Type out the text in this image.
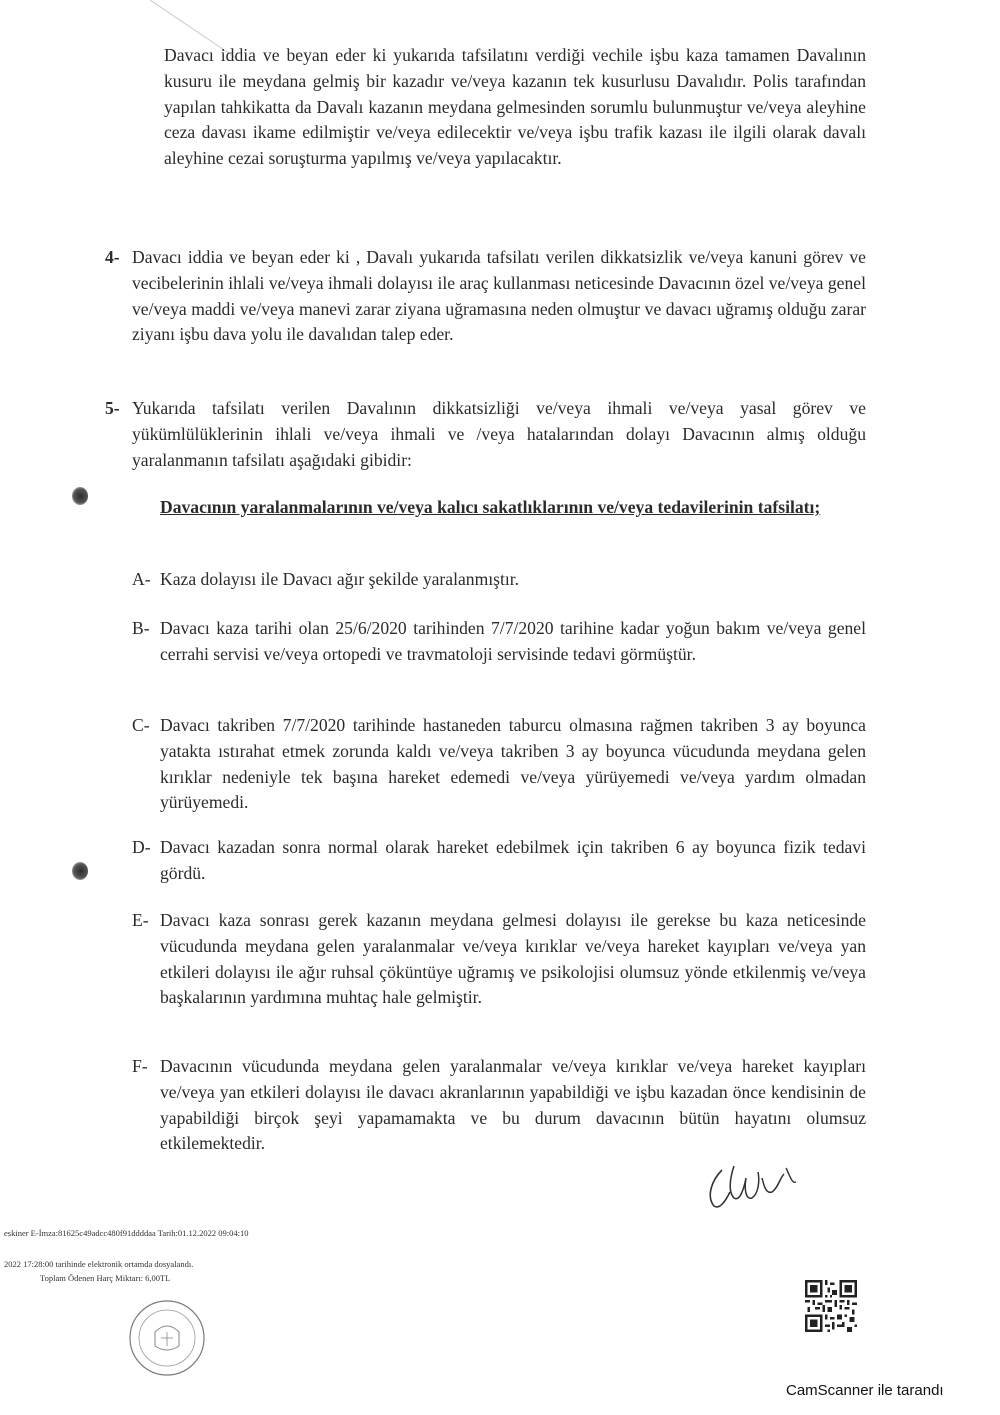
Davacı iddia ve beyan eder ki yukarıda tafsilatını verdiği vechile işbu kaza tamamen Davalının kusuru ile meydana gelmiş bir kazadır ve/veya kazanın tek kusurlusu Davalıdır. Polis tarafından yapılan tahkikatta da Davalı kazanın meydana gelmesinden sorumlu bulunmuştur ve/veya aleyhine ceza davası ikame edilmiştir ve/veya edilecektir ve/veya işbu trafik kazası ile ilgili olarak davalı aleyhine cezai soruşturma yapılmış ve/veya yapılacaktır.
4- Davacı iddia ve beyan eder ki , Davalı yukarıda tafsilatı verilen dikkatsizlik ve/veya kanuni görev ve vecibelerinin ihlali ve/veya ihmali dolayısı ile araç kullanması neticesinde Davacının özel ve/veya genel ve/veya maddi ve/veya manevi zarar ziyana uğramasına neden olmuştur ve davacı uğramış olduğu zarar ziyanı işbu dava yolu ile davalıdan talep eder.
5- Yukarıda tafsilatı verilen Davalının dikkatsizliği ve/veya ihmali ve/veya yasal görev ve yükümlülüklerinin ihlali ve/veya ihmali ve /veya hatalarından dolayı Davacının almış olduğu yaralanmanın tafsilatı aşağıdaki gibidir:
Davacının yaralanmalarının ve/veya kalıcı sakatlıklarının ve/veya tedavilerinin tafsilatı;
A- Kaza dolayısı ile Davacı ağır şekilde yaralanmıştır.
B- Davacı kaza tarihi olan 25/6/2020 tarihinden 7/7/2020 tarihine kadar yoğun bakım ve/veya genel cerrahi servisi ve/veya ortopedi ve travmatoloji servisinde tedavi görmüştür.
C- Davacı takriben 7/7/2020 tarihinde hastaneden taburcu olmasına rağmen takriben 3 ay boyunca yatakta ıstırahat etmek zorunda kaldı ve/veya takriben 3 ay boyunca vücudunda meydana gelen kırıklar nedeniyle tek başına hareket edemedi ve/veya yürüyemedi ve/veya yardım olmadan yürüyemedi.
D- Davacı kazadan sonra normal olarak hareket edebilmek için takriben 6 ay boyunca fizik tedavi gördü.
E- Davacı kaza sonrası gerek kazanın meydana gelmesi dolayısı ile gerekse bu kaza neticesinde vücudunda meydana gelen yaralanmalar ve/veya kırıklar ve/veya hareket kayıpları ve/veya yan etkileri dolayısı ile ağır ruhsal çöküntüye uğramış ve psikolojisi olumsuz yönde etkilenmiş ve/veya başkalarının yardımına muhtaç hale gelmiştir.
F- Davacının vücudunda meydana gelen yaralanmalar ve/veya kırıklar ve/veya hareket kayıpları ve/veya yan etkileri dolayısı ile davacı akranlarının yapabildiği ve işbu kazadan önce kendisinin de yapabildiği birçok şeyi yapamamakta ve bu durum davacının bütün hayatını olumsuz etkilemektedir.
eskiner E-İmza:81625c49adcc480f91ddddaa Tarih:01.12.2022 09:04:10
2022 17:28:00 tarihinde elektronik ortamda dosyalandı.
Toplam Ödenen Harç Miktarı: 6,00TL
CamScanner ile tarandı
